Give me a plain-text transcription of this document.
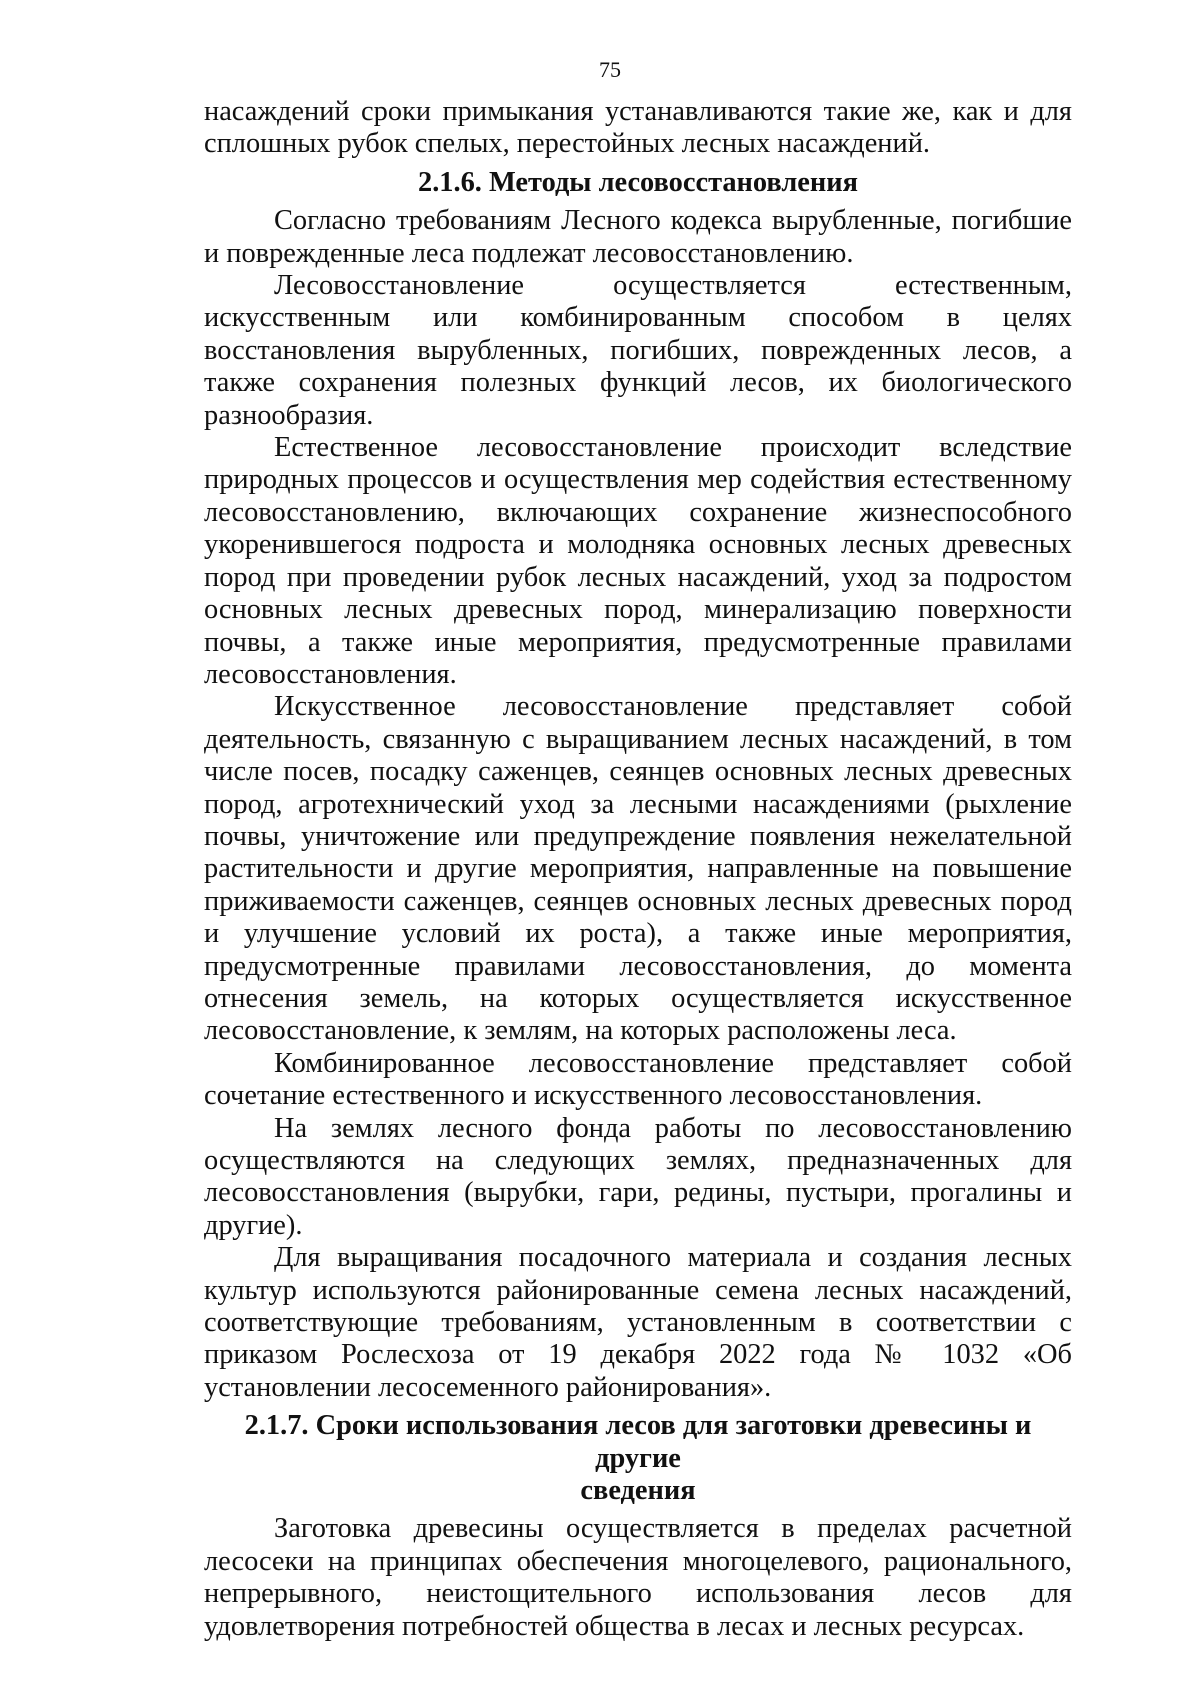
75

насаждений сроки примыкания устанавливаются такие же, как и для сплошных рубок спелых, перестойных лесных насаждений.

2.1.6. Методы лесовосстановления

Согласно требованиям Лесного кодекса вырубленные, погибшие и поврежденные леса подлежат лесовосстановлению.

Лесовосстановление осуществляется естественным, искусственным или комбинированным способом в целях восстановления вырубленных, погибших, поврежденных лесов, а также сохранения полезных функций лесов, их биологического разнообразия.

Естественное лесовосстановление происходит вследствие природных процессов и осуществления мер содействия естественному лесовосстановлению, включающих сохранение жизнеспособного укоренившегося подроста и молодняка основных лесных древесных пород при проведении рубок лесных насаждений, уход за подростом основных лесных древесных пород, минерализацию поверхности почвы, а также иные мероприятия, предусмотренные правилами лесовосстановления.

Искусственное лесовосстановление представляет собой деятельность, связанную с выращиванием лесных насаждений, в том числе посев, посадку саженцев, сеянцев основных лесных древесных пород, агротехнический уход за лесными насаждениями (рыхление почвы, уничтожение или предупреждение появления нежелательной растительности и другие мероприятия, направленные на повышение приживаемости саженцев, сеянцев основных лесных древесных пород и улучшение условий их роста), а также иные мероприятия, предусмотренные правилами лесовосстановления, до момента отнесения земель, на которых осуществляется искусственное лесовосстановление, к землям, на которых расположены леса.

Комбинированное лесовосстановление представляет собой сочетание естественного и искусственного лесовосстановления.

На землях лесного фонда работы по лесовосстановлению осуществляются на следующих землях, предназначенных для лесовосстановления (вырубки, гари, редины, пустыри, прогалины и другие).

Для выращивания посадочного материала и создания лесных культур используются районированные семена лесных насаждений, соответствующие требованиям, установленным в соответствии с приказом Рослесхоза от 19 декабря 2022 года № 1032 «Об установлении лесосеменного районирования».

2.1.7. Сроки использования лесов для заготовки древесины и другие
сведения

Заготовка древесины осуществляется в пределах расчетной лесосеки на принципах обеспечения многоцелевого, рационального, непрерывного, неистощительного использования лесов для удовлетворения потребностей общества в лесах и лесных ресурсах.
